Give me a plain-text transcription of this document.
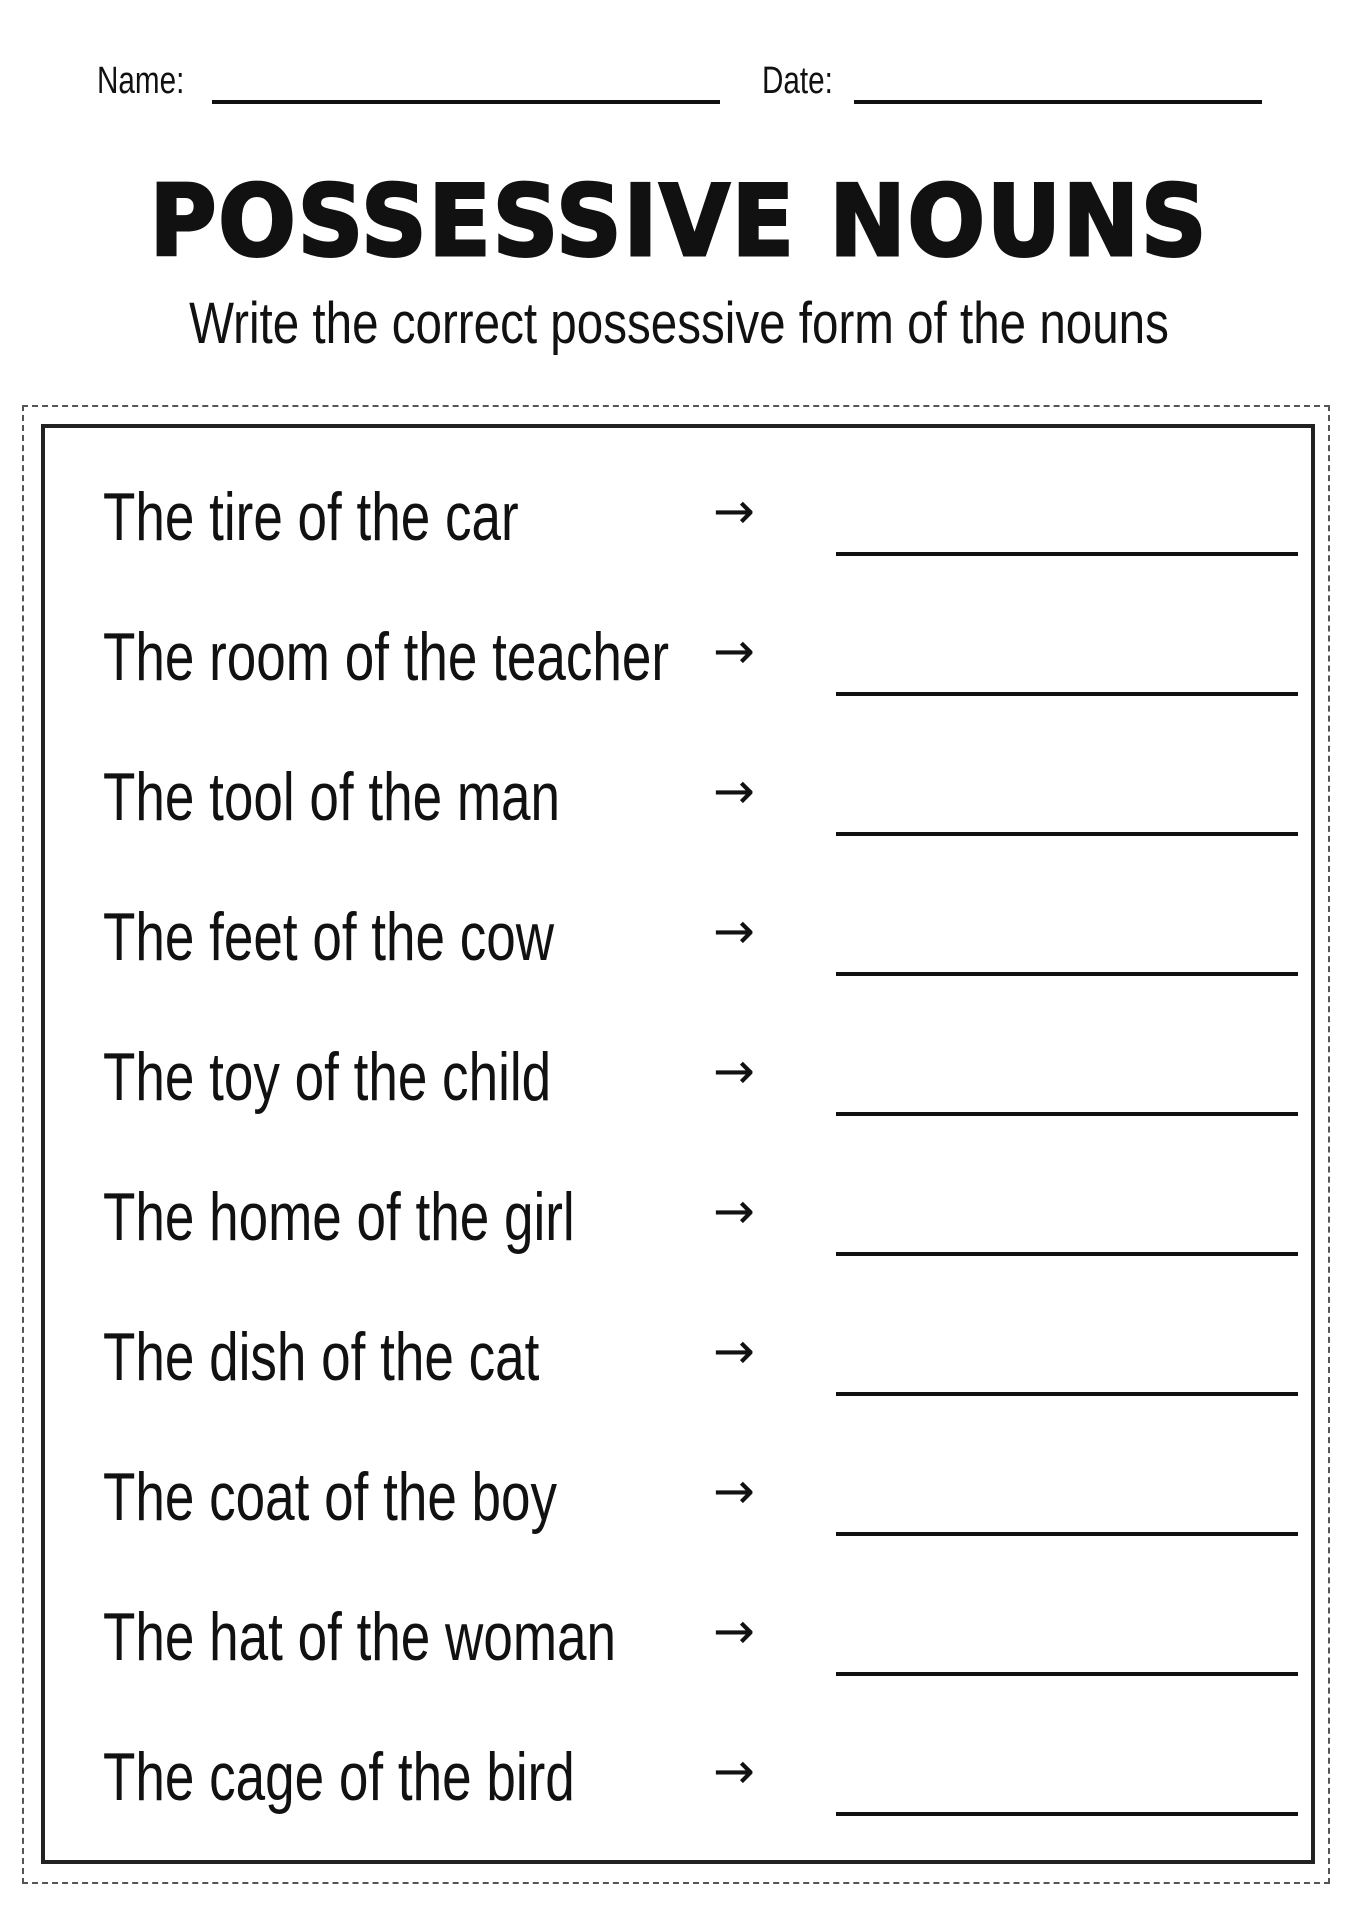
Name:	Date:
POSSESSIVE NOUNS
Write the correct possessive form of the nouns
The tire of the car	→
The room of the teacher →
The tool of the man	→
The feet of the cow	→
The toy of the child	→
The home of the girl	→
The dish of the cat	→
The coat of the boy	→
The hat of the woman →
The cage of the bird	→
